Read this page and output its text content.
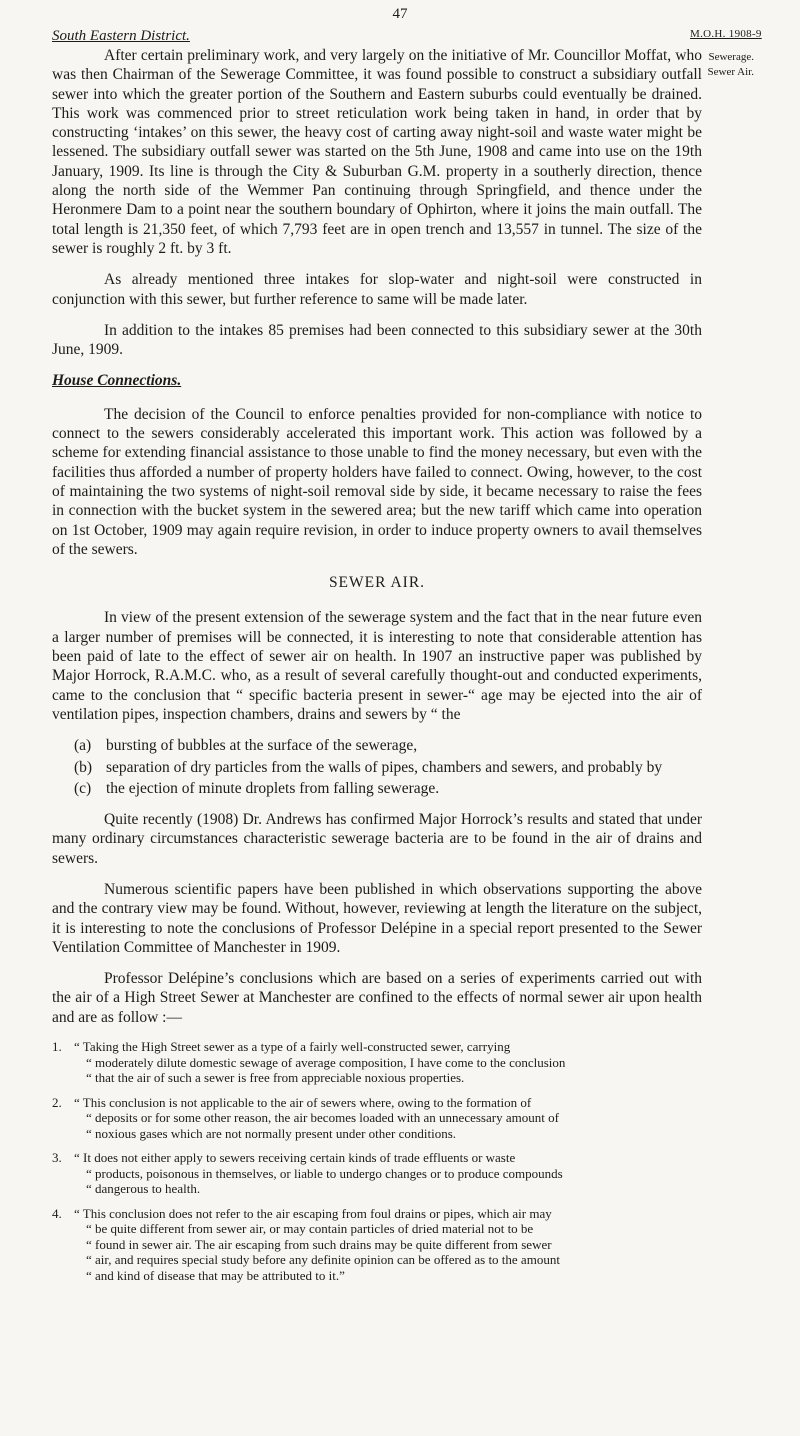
47
South Eastern District.	M.O.H. 1908-9
Sewerage.
Sewer Air.

After certain preliminary work, and very largely on the initiative of Mr. Councillor Moffat, who was then Chairman of the Sewerage Committee, it was found possible to construct a subsidiary outfall sewer into which the greater portion of the Southern and Eastern suburbs could eventually be drained. This work was commenced prior to street reticulation work being taken in hand, in order that by constructing ‘intakes’ on this sewer, the heavy cost of carting away night-soil and waste water might be lessened. The subsidiary outfall sewer was started on the 5th June, 1908 and came into use on the 19th January, 1909. Its line is through the City & Suburban G.M. property in a southerly direction, thence along the north side of the Wemmer Pan continuing through Springfield, and thence under the Heronmere Dam to a point near the southern boundary of Ophirton, where it joins the main outfall. The total length is 21,350 feet, of which 7,793 feet are in open trench and 13,557 in tunnel. The size of the sewer is roughly 2 ft. by 3 ft.

As already mentioned three intakes for slop-water and night-soil were constructed in conjunction with this sewer, but further reference to same will be made later.

In addition to the intakes 85 premises had been connected to this subsidiary sewer at the 30th June, 1909.

House Connections.

The decision of the Council to enforce penalties provided for non-compliance with notice to connect to the sewers considerably accelerated this important work. This action was followed by a scheme for extending financial assistance to those unable to find the money necessary, but even with the facilities thus afforded a number of property holders have failed to connect. Owing, however, to the cost of maintaining the two systems of night-soil removal side by side, it became necessary to raise the fees in connection with the bucket system in the sewered area; but the new tariff which came into operation on 1st October, 1909 may again require revision, in order to induce property owners to avail themselves of the sewers.

SEWER AIR.

In view of the present extension of the sewerage system and the fact that in the near future even a larger number of premises will be connected, it is interesting to note that considerable attention has been paid of late to the effect of sewer air on health. In 1907 an instructive paper was published by Major Horrock, R.A.M.C. who, as a result of several carefully thought-out and conducted experiments, came to the conclusion that “ specific bacteria present in sewer-“ age may be ejected into the air of ventilation pipes, inspection chambers, drains and sewers by “ the

(a) bursting of bubbles at the surface of the sewerage,
(b) separation of dry particles from the walls of pipes, chambers and sewers, and probably by
(c) the ejection of minute droplets from falling sewerage.

Quite recently (1908) Dr. Andrews has confirmed Major Horrock’s results and stated that under many ordinary circumstances characteristic sewerage bacteria are to be found in the air of drains and sewers.

Numerous scientific papers have been published in which observations supporting the above and the contrary view may be found. Without, however, reviewing at length the literature on the subject, it is interesting to note the conclusions of Professor Delépine in a special report presented to the Sewer Ventilation Committee of Manchester in 1909.

Professor Delépine’s conclusions which are based on a series of experiments carried out with the air of a High Street Sewer at Manchester are confined to the effects of normal sewer air upon health and are as follow :—

1. “ Taking the High Street sewer as a type of a fairly well-constructed sewer, carrying
“ moderately dilute domestic sewage of average composition, I have come to the conclusion
“ that the air of such a sewer is free from appreciable noxious properties.
2. “ This conclusion is not applicable to the air of sewers where, owing to the formation of
“ deposits or for some other reason, the air becomes loaded with an unnecessary amount of
“ noxious gases which are not normally present under other conditions.
3. “ It does not either apply to sewers receiving certain kinds of trade effluents or waste
“ products, poisonous in themselves, or liable to undergo changes or to produce compounds
“ dangerous to health.
4. “ This conclusion does not refer to the air escaping from foul drains or pipes, which air may
“ be quite different from sewer air, or may contain particles of dried material not to be
“ found in sewer air. The air escaping from such drains may be quite different from sewer
“ air, and requires special study before any definite opinion can be offered as to the amount
“ and kind of disease that may be attributed to it.”
